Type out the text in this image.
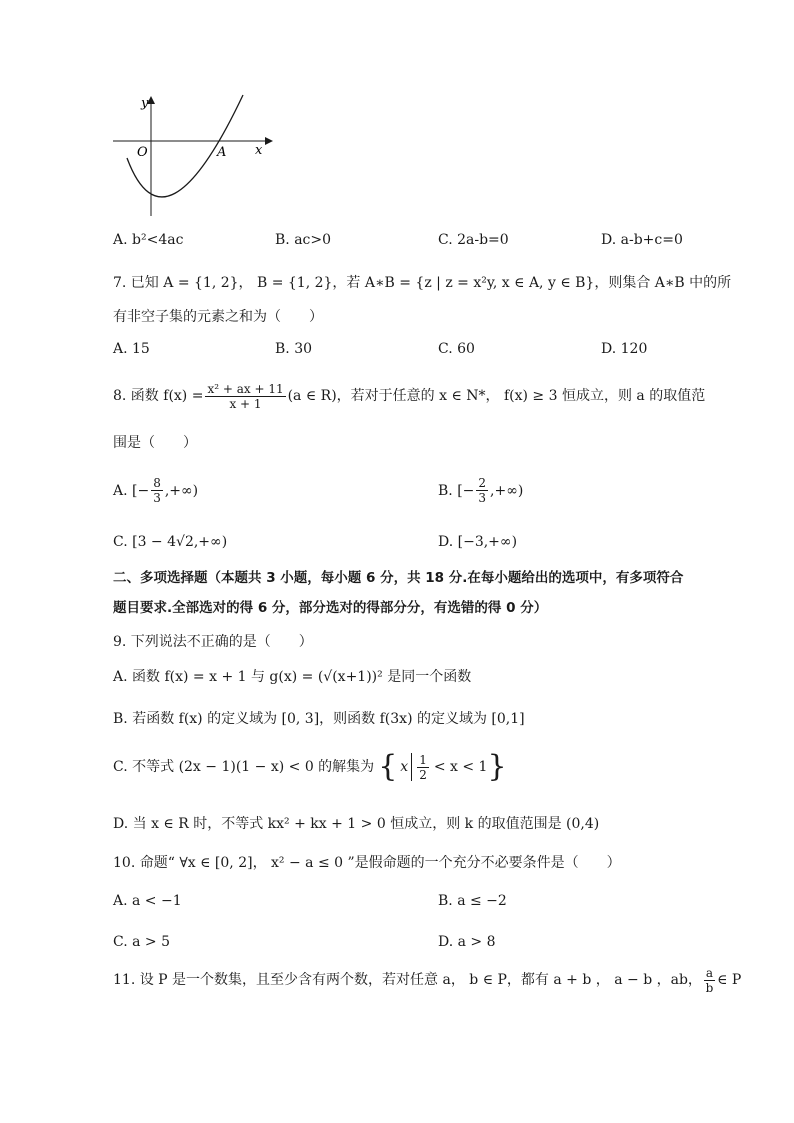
y
O	A x
A. b²<4ac	B. ac>0	C. 2a-b=0	D. a-b+c=0
7. 已知 A = {1, 2}， B = {1, 2}，若 A∗B = {z | z = x²y, x ∈ A, y ∈ B}，则集合 A∗B 中的所
有非空子集的元素之和为（　　）
A. 15	B. 30	C. 60	D. 120
8. 函数 $f(x) = \frac{\text{x² + ax + 11}}{x + 1} (a$ ∈ R)，若对于任意的 x ∈ N*， f(x) ≥ 3 恒成立，则 a 的取值范
围是（　　）
A. [− $\frac{8}{3}$ ,+∞)	B. [− $\frac{2}{3}$ ,+∞)
C. [3 − 4√2,+∞)	D. [−3,+∞)
二、多项选择题（本题共 3 小题，每小题 6 分，共 18 分.在每小题给出的选项中，有多项符合
题目要求.全部选对的得 6 分，部分选对的得部分分，有选错的得 0 分）
9. 下列说法不正确的是（　　）
A. 函数 f(x) = x + 1 与 g(x) = (√(x+1))² 是同一个函数
B. 若函数 f(x) 的定义域为 [0, 3]，则函数 f(3x) 的定义域为 [0,1]
C. 不等式 (2x − 1)(1 − x) < 0 的解集为 { x $\frac{1}{2} < x < 1$ }
D. 当 x ∈ R 时，不等式 kx² + kx + 1 > 0 恒成立，则 k 的取值范围是 (0,4)
10. 命题“ ∀x ∈ [0, 2]， x² − a ≤ 0 ”是假命题的一个充分不必要条件是（　　）
A. a < −1	B. a ≤ −2
C. a > 5	D. a > 8
11. 设 P 是一个数集，且至少含有两个数，若对任意 a， b ∈ P，都有 a + b ， a − b ，ab， $\frac{a}{b}$ ∈ P
